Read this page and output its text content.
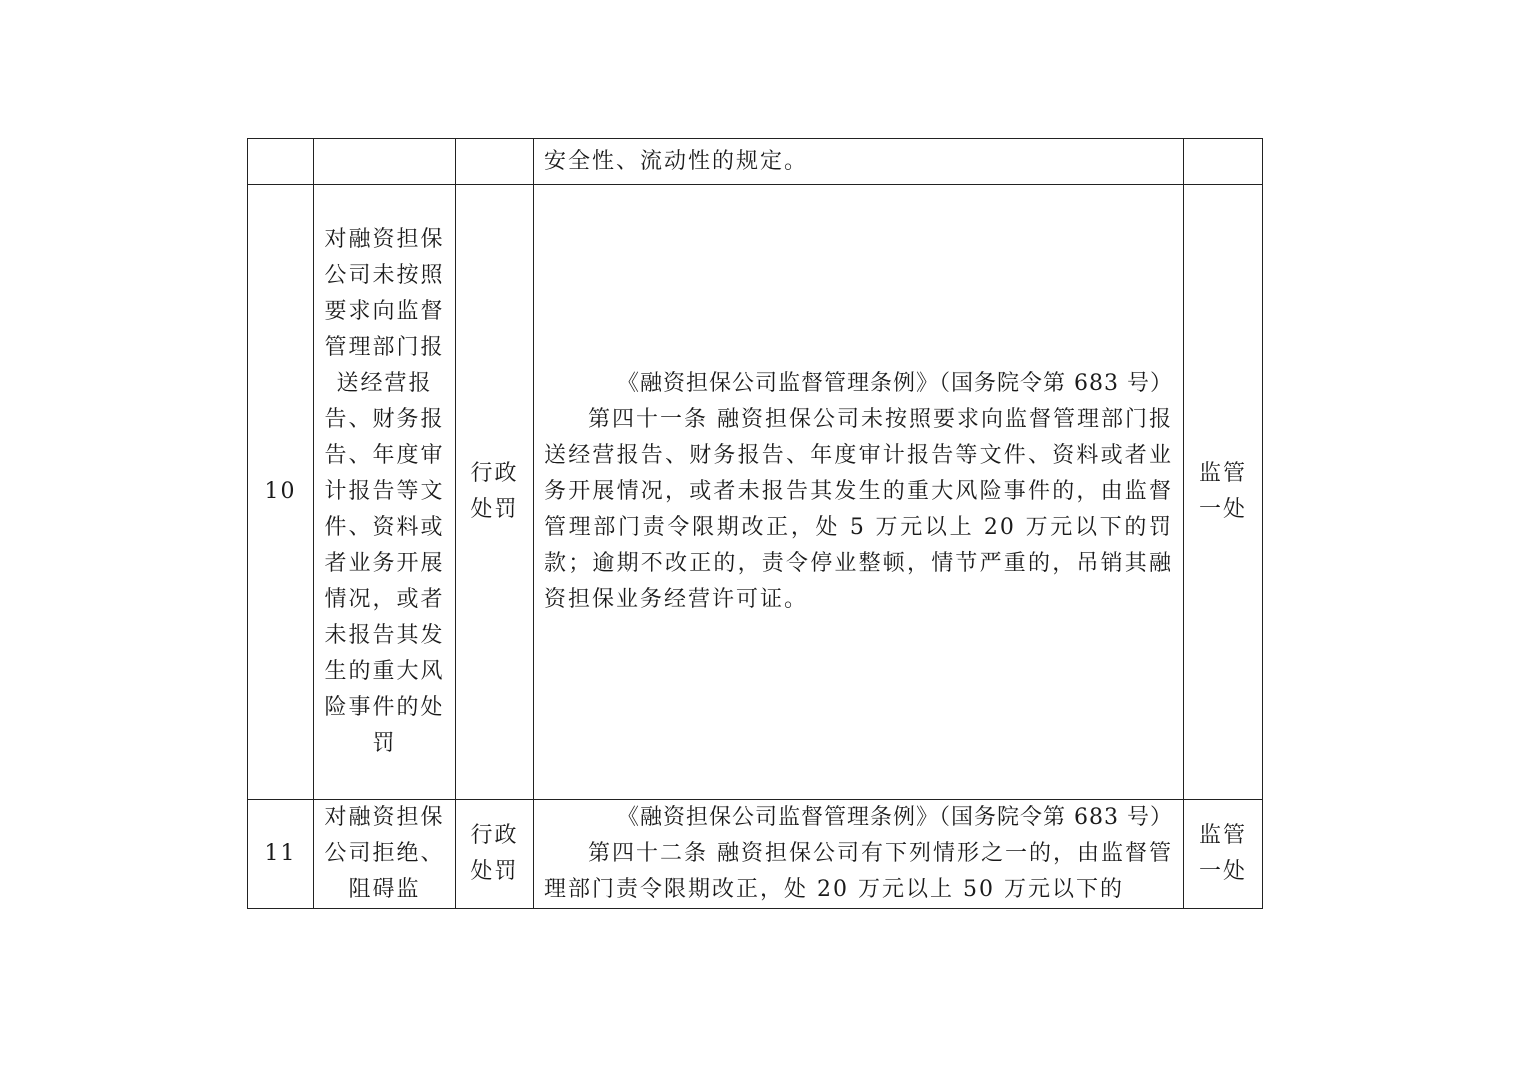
			安全性、流动性的规定。	

10	对融资担保公司未按照要求向监督管理部门报送经营报告、财务报告、年度审计报告等文件、资料或者业务开展情况，或者未报告其发生的重大风险事件的处罚	行政处罚	《融资担保公司监督管理条例》（国务院令第 683 号）

第四十一条 融资担保公司未按照要求向监督管理部门报送经营报告、财务报告、年度审计报告等文件、资料或者业务开展情况，或者未报告其发生的重大风险事件的，由监督管理部门责令限期改正，处 5 万元以上 20 万元以下的罚款；逾期不改正的，责令停业整顿，情节严重的，吊销其融资担保业务经营许可证。	监管一处
11	对融资担保公司拒绝、阻碍监	行政处罚	《融资担保公司监督管理条例》（国务院令第 683 号）

第四十二条 融资担保公司有下列情形之一的，由监督管理部门责令限期改正，处 20 万元以上 50 万元以下的	监管一处
